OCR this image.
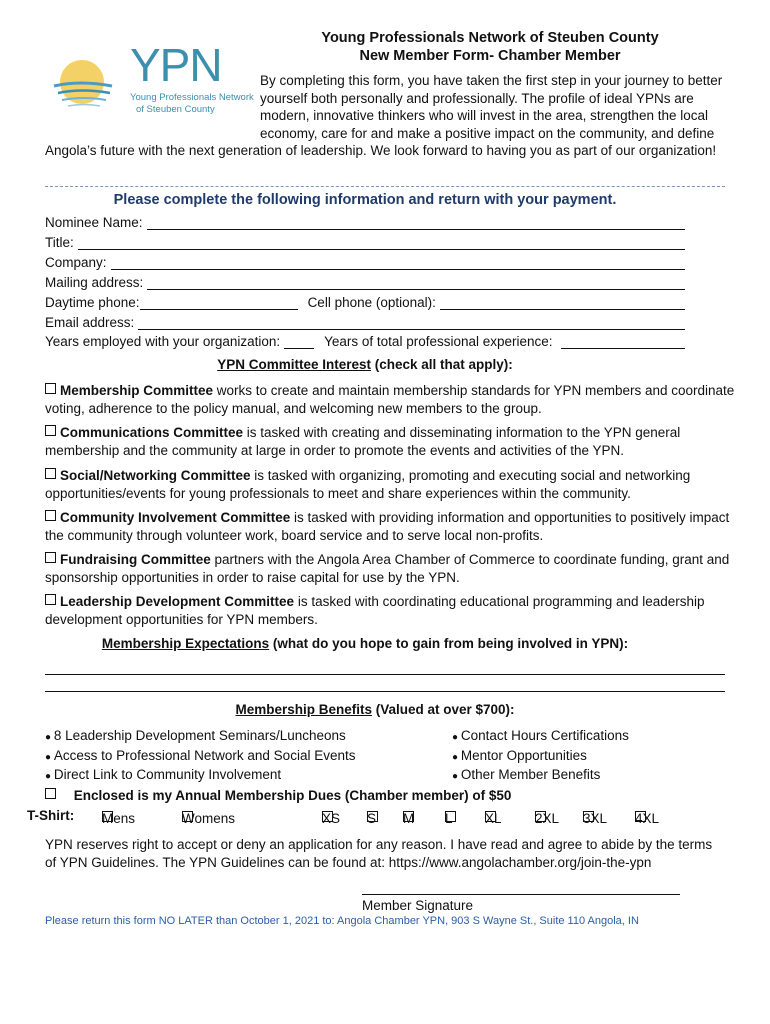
YPN
Young Professionals Network
of Steuben County
Young Professionals Network of Steuben County
New Member Form- Chamber Member
By completing this form, you have taken the first step in your journey to better yourself both personally and professionally. The profile of ideal YPNs are modern, innovative thinkers who will invest in the area, strengthen the local economy, care for and make a positive impact on the community, and define Angola’s future with the next generation of leadership. We look forward to having you as part of our organization!
Please complete the following information and return with your payment.
Nominee Name:
Title:
Company:
Mailing address:
Daytime phone:	Cell phone (optional):
Email address:
Years employed with your organization:	Years of total professional experience:
YPN Committee Interest (check all that apply):
Membership Committee works to create and maintain membership standards for YPN members and coordinate voting, adherence to the policy manual, and welcoming new members to the group.
Communications Committee is tasked with creating and disseminating information to the YPN general membership and the community at large in order to promote the events and activities of the YPN.
Social/Networking Committee is tasked with organizing, promoting and executing social and networking opportunities/events for young professionals to meet and share experiences within the community.
Community Involvement Committee is tasked with providing information and opportunities to positively impact the community through volunteer work, board service and to serve local non-profits.
Fundraising Committee partners with the Angola Area Chamber of Commerce to coordinate funding, grant and sponsorship opportunities in order to raise capital for use by the YPN.
Leadership Development Committee is tasked with coordinating educational programming and leadership development opportunities for YPN members.
Membership Expectations (what do you hope to gain from being involved in YPN):
Membership Benefits (Valued at over $700):
● 8 Leadership Development Seminars/Luncheons
● Access to Professional Network and Social Events
● Direct Link to Community Involvement
● Contact Hours Certifications
● Mentor Opportunities
● Other Member Benefits
Enclosed is my Annual Membership Dues (Chamber member) of $50
T-Shirt: Mens	Womens	XS S M L XL 2XL 3XL 4XL
YPN reserves right to accept or deny an application for any reason. I have read and agree to abide by the terms of YPN Guidelines. The YPN Guidelines can be found at: https://www.angolachamber.org/join-the-ypn
Member Signature
Please return this form NO LATER than October 1, 2021 to: Angola Chamber YPN, 903 S Wayne St., Suite 110 Angola, IN
